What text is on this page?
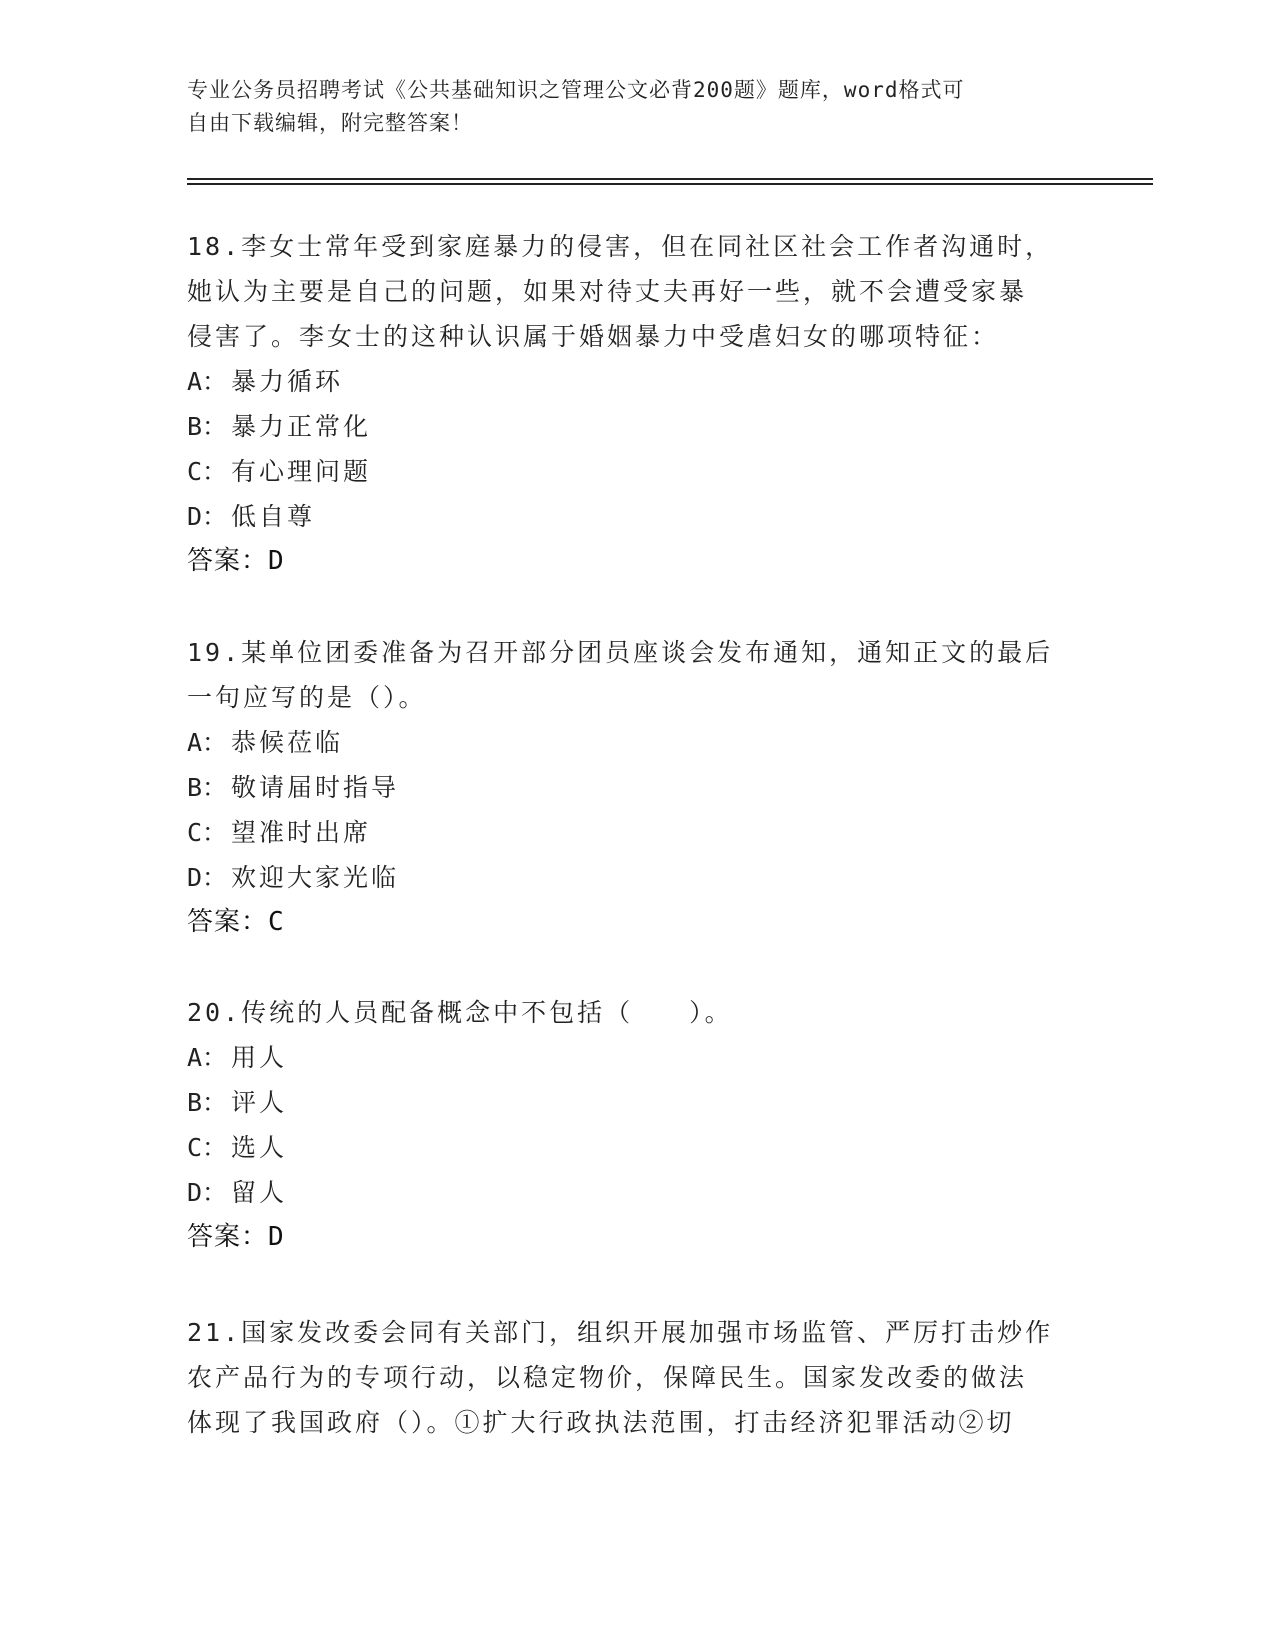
专业公务员招聘考试《公共基础知识之管理公文必背200题》题库，word格式可
自由下载编辑，附完整答案！
18.李女士常年受到家庭暴力的侵害，但在同社区社会工作者沟通时，
她认为主要是自己的问题，如果对待丈夫再好一些，就不会遭受家暴
侵害了。李女士的这种认识属于婚姻暴力中受虐妇女的哪项特征：
A： 暴力循环
B： 暴力正常化
C： 有心理问题
D： 低自尊
答案：D
19.某单位团委准备为召开部分团员座谈会发布通知，通知正文的最后
一句应写的是（）。
A： 恭候莅临
B： 敬请届时指导
C： 望准时出席
D： 欢迎大家光临
答案：C
20.传统的人员配备概念中不包括（　　）。
A： 用人
B： 评人
C： 选人
D： 留人
答案：D
21.国家发改委会同有关部门，组织开展加强市场监管、严厉打击炒作
农产品行为的专项行动，以稳定物价，保障民生。国家发改委的做法
体现了我国政府（）。①扩大行政执法范围，打击经济犯罪活动②切
